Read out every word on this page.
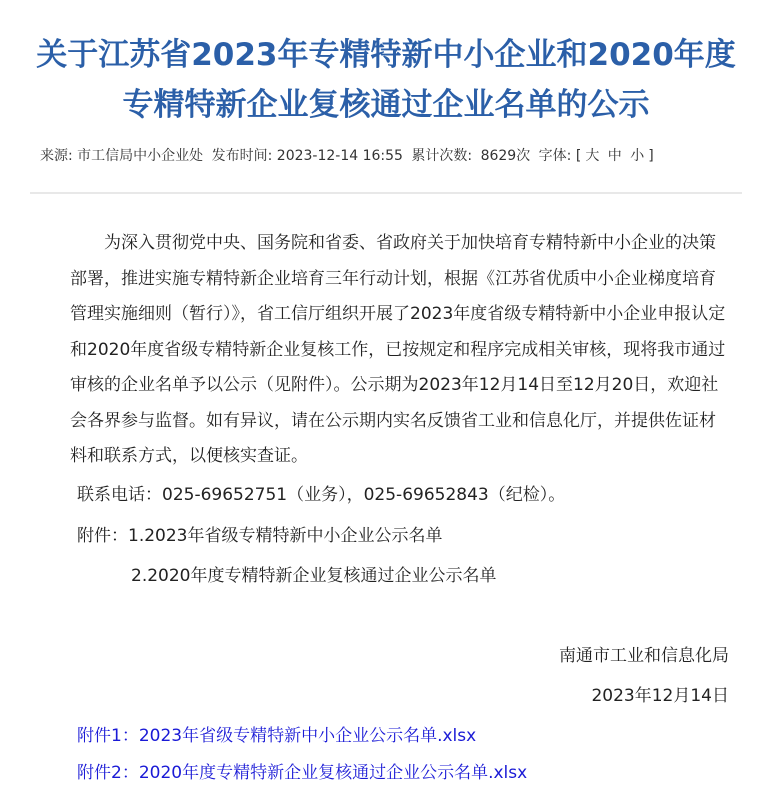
关于江苏省2023年专精特新中小企业和2020年度
专精特新企业复核通过企业名单的公示
来源: 市工信局中小企业处 发布时间: 2023-12-14 16:55 累计次数: 8629次 字体: [ 大 中 小 ]
为深入贯彻党中央、国务院和省委、省政府关于加快培育专精特新中小企业的决策部署，推进实施专精特新企业培育三年行动计划，根据《江苏省优质中小企业梯度培育管理实施细则（暂行）》，省工信厅组织开展了2023年度省级专精特新中小企业申报认定和2020年度省级专精特新企业复核工作，已按规定和程序完成相关审核，现将我市通过审核的企业名单予以公示（见附件）。公示期为2023年12月14日至12月20日，欢迎社会各界参与监督。如有异议，请在公示期内实名反馈省工业和信息化厅，并提供佐证材料和联系方式，以便核实查证。
联系电话：025-69652751（业务），025-69652843（纪检）。
附件：1.2023年省级专精特新中小企业公示名单
2.2020年度专精特新企业复核通过企业公示名单
南通市工业和信息化局
2023年12月14日
附件1：2023年省级专精特新中小企业公示名单.xlsx
附件2：2020年度专精特新企业复核通过企业公示名单.xlsx
